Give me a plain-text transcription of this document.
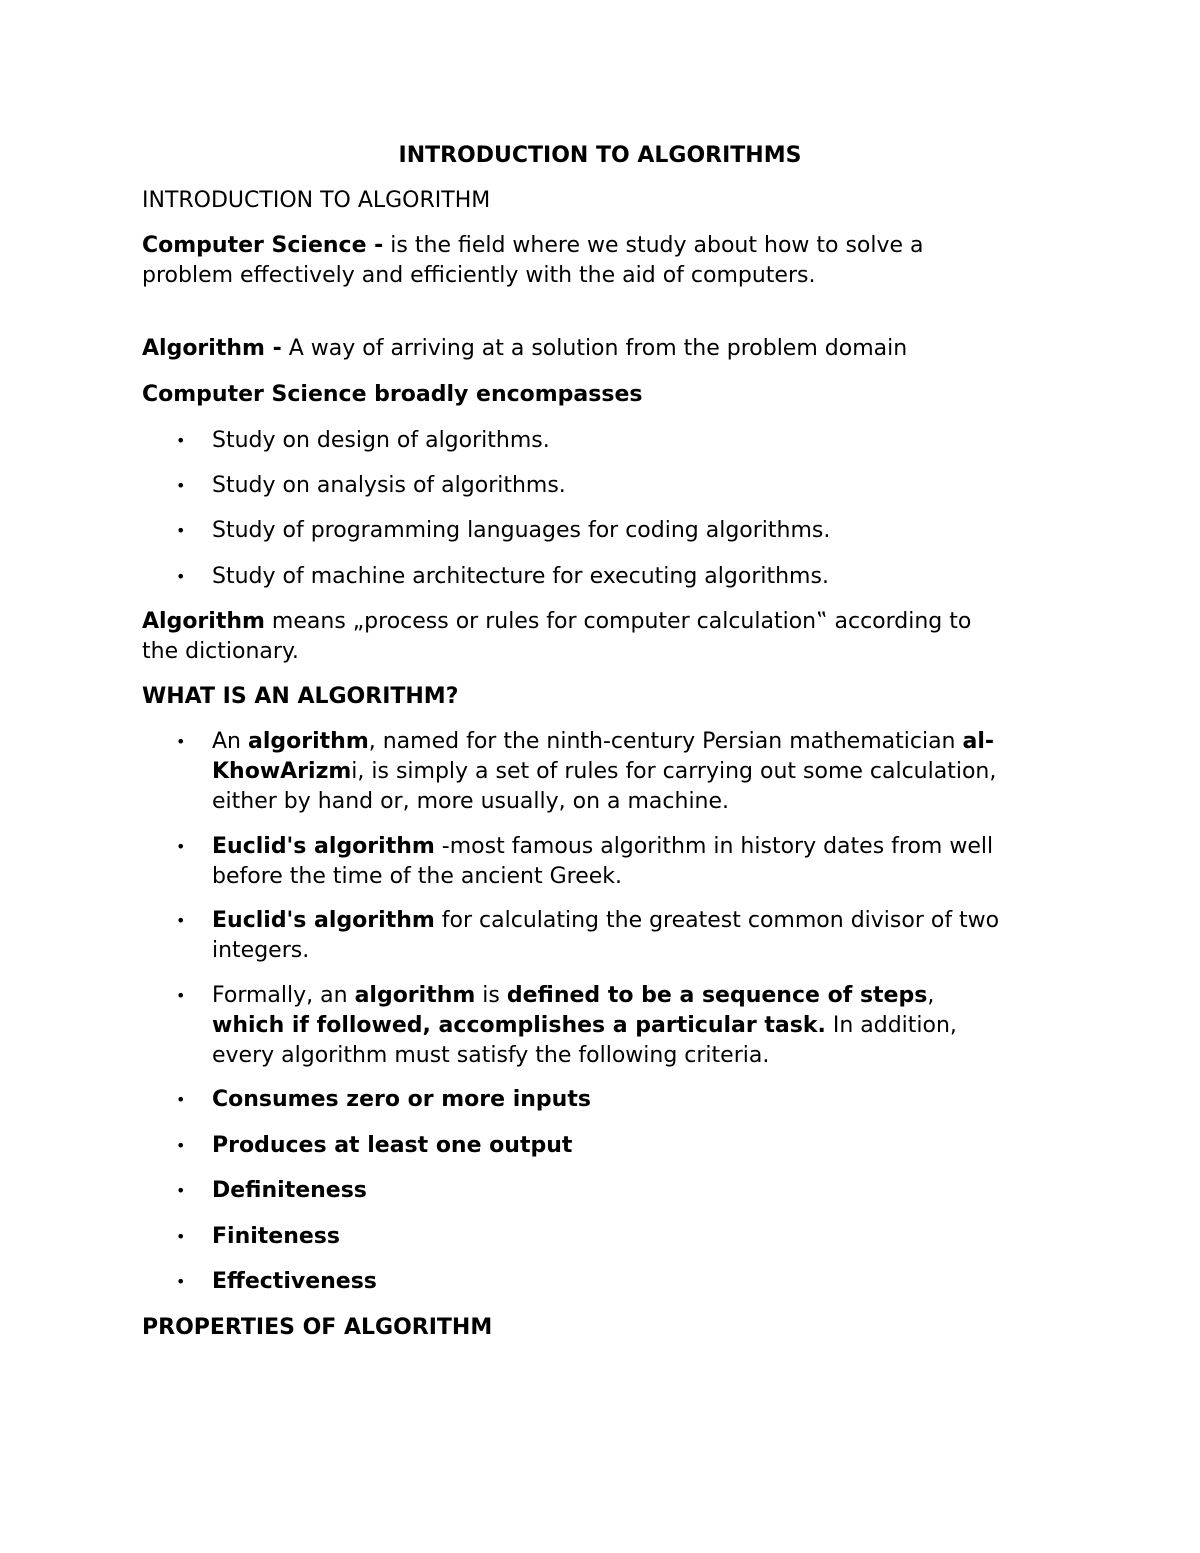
INTRODUCTION TO ALGORITHMS
INTRODUCTION TO ALGORITHM
Computer Science - is the field where we study about how to solve a
problem effectively and efficiently with the aid of computers.
Algorithm - A way of arriving at a solution from the problem domain
Computer Science broadly encompasses
• Study on design of algorithms.
• Study on analysis of algorithms.
• Study of programming languages for coding algorithms.
• Study of machine architecture for executing algorithms.
Algorithm means „process or rules for computer calculation‟ according to
the dictionary.
WHAT IS AN ALGORITHM?
• An algorithm, named for the ninth-century Persian mathematician al-
KhowArizmi, is simply a set of rules for carrying out some calculation,
either by hand or, more usually, on a machine.
• Euclid's algorithm -most famous algorithm in history dates from well
before the time of the ancient Greek.
• Euclid's algorithm for calculating the greatest common divisor of two
integers.
• Formally, an algorithm is defined to be a sequence of steps,
which if followed, accomplishes a particular task. In addition,
every algorithm must satisfy the following criteria.
• Consumes zero or more inputs
• Produces at least one output
• Definiteness
• Finiteness
• Effectiveness
PROPERTIES OF ALGORITHM
